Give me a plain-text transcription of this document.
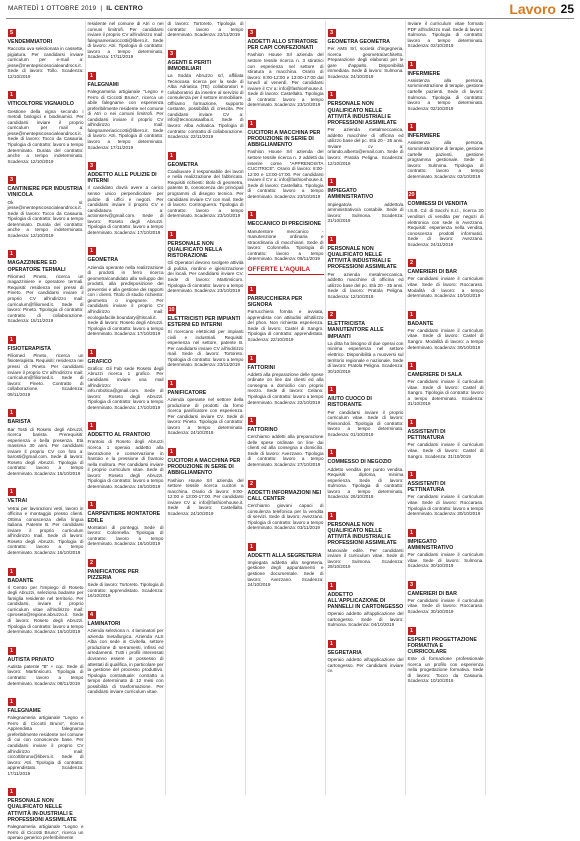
MARTEDÌ 1 OTTOBRE 2019  |  IL CENTRO	Lavoro 25
5
VENDEMMIATORI

Raccolta uva selezionata in cassette, pigiatura. Per candidarsi inviare curriculum per e-mail a: jesse@mentepsicosocialeandrocs.it. Sede di lavoro: Tollo. Scadenza: 12/10/2019

1
VITICOLTORE VIGNAIOLO

Gestione della vigna secondo i metodi biologici e biodinamici. Per candidarsi inviare il proprio curriculum per mail a: jesse@mentepsicosocialeandrocs.it. Sede di lavoro: Tocco da Casauria. Tipologia di contratto: lavoro a tempo determinato. Durata del contratto: anche a tempo indeterminato. Scadenza: 12/10/2019

3
CANTINIERE PER INDUSTRIA VINICOLA

Ok si: jesse@mentepsicosocialeandrocs.it. Sede di lavoro: Tocco da Casauria. Tipologia di contratto: lavoro a tempo determinato. Durata del contratto: anche a tempo indeterminato. Scadenza: 12/10/2019

1
MAGAZZINIERE ED OPERATORE TERMALI

Filiomed Pineto, ricerca un magazziniere e operatore termali. Requisiti: residenza nei pressi di Pineto. Per candidarsi inviare il proprio CV all'indirizzo mail: curriculum@filiomed.it. Sede di lavoro: Pineto. Tipologia di contratto: contratto di collaborazione. Scadenza: 15/11/2019

1
FISIOTERAPISTA

Filiomed Pineto, ricerca un fisioterapista. Requisiti: residenza nei pressi di Pineto. Per candidarsi inviare il proprio CV all'indirizzo mail: curriculum@filiomed.it. Sede di lavoro: Pineto. Contratto di collaborazione. Scadenza: 09/11/2019

1
BARISTA

Bar Tosti di Roseto degli Abruzzi, ricerca barista. Prerequisiti: esperienza e bella presenza. Età massima 30 anni. Per candidarsi inviare il proprio CV con foto a: barosti@gmail.com. Sede di lavoro: Roseto degli Abruzzi. Tipologia di contratto: lavoro a tempo determinato. Scadenza: 15/10/2019

1
VETRAI

Vetrai per lavorazioni vetri, lavoro in officina e montaggio presso clienti. Ottima conoscenza della lingua italiana. Patente B. Per candidarsi inviare il proprio curriculum all'indirizzo mail. Sede di lavoro: Roseto degli Abruzzi. Tipologia di contratto: lavoro a tempo determinato. Scadenza: 16/10/2019

1
BADANTE

Il Centro per l'Impiego di Roseto degli Abruzzi, seleziona badante per famiglia residente nel territorio. Per candidarsi, inviare il proprio curriculum vitae all'indirizzo mail: cpiroseto@regione.abruzzo.it. Sede di lavoro: Roseto degli Abruzzi. Tipologia di contratto: lavoro a tempo determinato. Scadenza: 16/10/2019

1
AUTISTA PRIVATO

Autista patente "B" + cqc. Sede di lavoro: Martinsicuro. Tipologia di contratto: lavoro a tempo determinato. Scadenza: 08/11/2019

1
FALEGNAME

Falegnameria artigianale "Legno e Ferro di Ciccotti Bruno", ricerca Apprendista falegname preferibilmente residente nel comune di cui con conoscenze base. Per candidarsi inviare il proprio CV all'indirizzo mail: ciccottibruno@libero.it. Sede di lavoro: Atri. Tipologia di contratto: apprendistato. Scadenza: 17/11/2019

1
PERSONALE NON QUALIFICATO NELLE ATTIVITÀ IN-DUSTRIALI E PROFESSIONI ASSIMILATE

Falegnameria artigianale "Legno e Ferro di Ciccotti Bruno", ricerca un operaio generico preferibilmente

residente nel comune di Atri o nei comuni limitrofi. Per candidarsi inviare il proprio CV all'indirizzo mail: falegnameriaciccotti@libero.it. Sede di lavoro: Atri. Tipologia di contratto: lavoro a tempo determinato. Scadenza: 17/11/2019

1
FALEGNAMI

Falegnameria artigianale "Legno e Ferro di Ciccotti Bruno", ricerca un abile falegname con esperienza preferibilmente residente nel comune di Atri o nei comuni limitrofi. Per candidarsi inviare il proprio CV all'indirizzo mail: falegnameriaciccotti@libero.it. Sede di lavoro: Atri. Tipologia di contratto: lavoro a tempo determinato. Scadenza: 17/11/2019

3
ADDETTO ALLE PULIZIE DI INTERNI

Il candidato dovrà avere a carico senso unico perpendicolare per pulizie di uffici e negozi. Per candidarsi inviare il proprio CV e candidatura a: actionserv@gmail.com. Sede di lavoro: Roseto degli Abruzzi. Tipologia di contratto: lavoro a tempo determinato. Scadenza: 17/10/2019

1
GEOMETRA

Azienda operante nella realizzazione di prodotti in ferro ricerca geometra/candidato alla sviluppo dei prodotti, alla predisposizione dei preventivi e alla gestione dei rapporti con i clienti. Titolo di studio richiesto: geometra o ingegnere. Per candidarsi inviare il proprio CV all'indirizzo mail: ecologiafacile.boundary@tiscali.it. Sede di lavoro: Roseto degli Abruzzi. Tipologia di contratto: lavoro a tempo determinato. Scadenza: 17/10/2019

1
GRAFICO

Grafico: Gli Fab sede Roseto degli Abruzzi ricerca 1 grafico. Per candidarsi inviare una mail all'indirizzo: info.robotica@gmail.com. Sede di lavoro: Roseto degli Abruzzi. Tipologia di contratto: lavoro a tempo determinato. Scadenza: 17/10/2019

1
ADDETTO AL FRANTOIO

Frantoio di Roseto degli Abruzzi ricerca 1 operaio addetto alla lavorazione e conservazione in frantoio e la pressione di frantoio nella molitura. Per candidarsi inviare il proprio curriculum vitae. Sede di lavoro: Roseto degli Abruzzi. Tipologia di contratto: lavoro a tempo determinato. Scadenza: 16/10/2019

1
CARPENTIERE MONTATORE EDILE

Montatori di ponteggi. Sede di lavoro: Colonnella. Tipologia di contratto: lavoro a tempo determinato. Scadenza: 16/10/2019

2
PANIFICATORE PER PIZZERIA

Sede di lavoro: Tortoreto. Tipologia di contratto: apprendistato. Scadenza: 16/10/2019

4
LAMINATORI

Azienda seleziona n. 4 laminatori per azienda metallurgica. Azienda ALS Alba con sede in Civitella, settore produzione di serramenti, infissi ed arredamenti. Tutti i profili interessati dovranno essere in possesso di attestati di qualifica, in particolare per la gestione del processo produttivo. Tipologia contrattuale: contratto a tempo determinato di 12 mesi con possibilità di trasformazione. Per candidarsi inviare curriculum vitae.

di lavoro: Tortoreto. Tipologia di contratto: lavoro a tempo determinato. Scadenza: 22/11/2019

3
AGENTI E PERITI IMMOBILIARI

La Sodda Abruzzo srl, affiliata Tecnocasa ricerca per la sede di Alba Adriatica (TE) collaboratori e collaboratrici da inserire al servizio di consulenza per il settore immobiliare. Offriamo formazione, supporto costante, possibilità di crescita. Per candidarsi inviare CV a: info@tecnocasaalba.it. Sede di lavoro: Alba Adriatica. Tipologia di contratto: contratto di collaborazione. Scadenza: 22/11/2019

1
GEOMETRA

Coadiuvare il responsabile dei lavori e nella realizzazione del fabbricato. Requisiti richiesti: titolo di geometra, patente B, conoscenza dei principali programmi di disegno tecnico. Per candidarsi inviare CV con mail. Sede di lavoro: Controguerra. Tipologia di contratto: lavoro a tempo determinato. Scadenza: 23/10/2019

1
PERSONALE NON QUALIFICATO NELLA RISTORAZIONE

Gli Operatori devono svolgere attività di pulizia, riordino e igienizzazione dei locali. Per candidarsi inviare CV. Sede di lavoro: Martinsicuro. Tipologia di contratto: lavoro a tempo determinato. Scadenza: 23/10/2019

10
ELETTRICISTI PER IMPIANTI ESTERNI ED INTERNI

Si ricercano elettricisti per impianti civili e industriali. Requisiti: esperienza nel settore, patente B. Per candidarsi inviare CV all'indirizzo mail. Sede di lavoro: Tortoreto. Tipologia di contratto: lavoro a tempo determinato. Scadenza: 23/11/2019

1
PANIFICATORE

Azienda operante nel settore della produzione di prodotti da forno ricerca panificatore con esperienza. Per candidarsi inviare CV. Sede di lavoro: Pineto. Tipologia di contratto: lavoro a tempo determinato. Scadenza: 24/10/2019

1
CUCITORI A MACCHINA PER PRODUZIONE IN SERIE DI ABBIGLIAMENTO

Fashion House Srl azienda del settore tessile ricerca cucitori a macchina. Orario di lavoro: 8:00-12:00 e 13:00-17:00. Per candidarsi inviare CV a: info@fashionhouse.it. Sede di lavoro: Castellalto. Scadenza: 24/10/2019

3
ADDETTI ALLO STIRATORE PER CAPI CONFEZIONATI

Fashion House Srl azienda del settore tessile ricerca n. 3 stiratrici con esperienza nel settore di stiratura a macchina. Orario di lavoro: 8:00-12:00 e 13:00-17:00 dal lunedì al venerdì. Per candidarsi inviare il CV a: info@fashionhouse.it. Sede di lavoro: Castellalto. Tipologia di contratto: lavoro a tempo determinato. Scadenza: 23/10/2019

1
CUCITORI A MACCHINA PER PRODUZIONE IN SERIE DI ABBIGLIAMENTO

Fashion House Srl azienda del settore tessile ricerca n. 2 addetti da inserire come "APPRENDISTA CUCITRICE". Orario di lavoro: 8:00-12:00 e 13:00-17:00. Per candidarsi inviare il CV a: info@fashionhouse.it. Sede di lavoro: Castellalto. Tipologia di contratto: lavoro a tempo determinato. Scadenza: 23/10/2019

1
MECCANICO DI PRECISIONE

Manutentore meccanico - manutenzione ordinaria e straordinaria di macchinari. Sede di lavoro: Colonnella. Tipologia di contratto: lavoro a tempo determinato. Scadenza: 09/11/2019

OFFERTE L'AQUILA
1
PARRUCCHIERA PER SIGNORA

Parrucchiera fornita e avviata, apprendista con attitudini all'utilizzo del phon. Non richiesta esperienza. Sede di lavoro: Castel di Sangro. Tipologia di contratto: apprendistato. Scadenza: 22/10/2019

1
FATTORINI

Addetti alla preparazione delle spese ordinate on line dai clienti ed alla consegna a domicilio con proprio mezzo. Sede di lavoro: Celano. Tipologia di contratto: lavoro a tempo determinato. Scadenza: 22/10/2019

1
FATTORINO

Cerchiamo addetti alla preparazione delle spese ordinate on line dai clienti ed alla consegna a domicilio. Sede di lavoro: Avezzano. Tipologia di contratto: lavoro a tempo determinato. Scadenza: 27/10/2019

2
ADDETTI INFORMAZIONI NEI CALL CENTER

Cerchiamo giovani capaci di consulenza telefonica per la vendita di servizi. Sede di lavoro: Avezzano. Tipologia di contratto: lavoro a tempo determinato. Scadenza: 03/11/2019

1
ADDETTI ALLA SEGRETERIA

Impiegata addetta alla segreteria, gestione degli appuntamenti e gestione documentale. Sede di lavoro: Avezzano. Scadenza: 24/10/2019

3
GEOMETRA GEOMETRA

Per AMS Srl, società d'ingegneria, ricerca geometra/architetto. Preparazione degli elaborati per le gare d'appalto. Disponibilità immediata. Sede di lavoro: Sulmona. Scadenza: 24/10/2019

1
PERSONALE NON QUALIFICATO NELLE ATTIVITÀ INDUSTRIALI E PROFESSIONI ASSIMILATE

Per azienda metalmeccanica, addetto macchine di officina ed utilizzo base del pc. Età 20 - 35 anni. Inviare cv a: orlando.alberto@email.com. Sede di lavoro: Pratola Peligna. Scadenza: 12/10/2019

1
IMPIEGATO AMMINISTRATIVO

Impiegato/a addetto/a amministrativo/a contabile. Sede di lavoro: Sulmona. Scadenza: 31/10/2019

1
PERSONALE NON QUALIFICATO NELLE ATTIVITÀ INDUSTRIALI E PROFESSIONI ASSIMILATE

Per azienda metalmeccanica, addetto macchine di officina ed utilizzo base del pc. Età 20 - 35 anni. Sede di lavoro: Pratola Peligna. Scadenza: 12/10/2019

2
ELETTRICISTA MANUTENTORE ALLE IMPIANTI

La ditta ha bisogno di due operai con minima esperienza nel settore elettrico. Disponibilità a muoversi sul territorio regionale e nazionale. Sede di lavoro: Pratola Peligna. Scadenza: 30/10/2019

1
AIUTO CUOCO DI RISTORANTE

Per candidarsi inviare il proprio curriculum vitae. Sede di lavoro: Rivisondoli. Tipologia di contratto: lavoro a tempo determinato. Scadenza: 01/10/2019

1
COMMESSO DI NEGOZIO

Addetto vendita per punto vendita. Requisiti: diploma, minima esperienza. Sede di lavoro: Sulmona. Tipologia di contratto: lavoro a tempo determinato. Scadenza: 26/10/2019

1
PERSONALE NON QUALIFICATO NELLE ATTIVITÀ INDUSTRIALI E PROFESSIONI ASSIMILATE

Manovale edile. Per candidarsi inviare il curriculum vitae. Sede di lavoro: Sulmona. Scadenza: 29/10/2019

1
ADDETTO ALL'APPLICAZIONE DI PANNELLI IN CARTONGESSO

Operaio addetto all'applicazione del cartongesso. Sede di lavoro: Sulmona. Scadenza: 04/10/2019

1
SEGRETARIA

Operaio addetto all'applicazione del cartongesso. Per candidarsi inviare cv.

Inviare il curriculum vitae formato PDF all'indirizzo mail. Sede di lavoro: Sulmona. Tipologia di contratto: lavoro a tempo determinato. Scadenza: 02/10/2019

1
INFERMIERE

Assistenza alla persona, somministrazione di terapie, gestione cartelle pazienti. Sede di lavoro: Sulmona. Tipologia di contratto: lavoro a tempo determinato. Scadenza: 02/10/2019

1
INFERMIERE

Assistenza alla persona, somministrazione di terapie, gestione cartelle pazienti, gestione programma gestionale. Sede di lavoro: Sulmona. Tipologia di contratto: lavoro a tempo determinato. Scadenza: 02/10/2019

20
COMMESSI DI VENDITA

I.S.B. Cd. di Sacchi S.r.l., ricerca 20 venditori di vendita per negozi di elettronica con sede in Avezzano. Requisiti: esperienza nella vendita, conoscenza prodotti informatici. Sede di lavoro: Avezzano. Scadenza: 24/11/2019

2
CAMERIERI DI BAR

Per candidarsi inviare il curriculum vitae. Sede di lavoro: Roccaraso. Modalità di lavoro: a tempo determinato. Scadenza: 10/10/2019

1
BADANTE

Per candidarsi inviare il curriculum vitae. Sede di lavoro: Castel di Sangro. Modalità di lavoro: a tempo determinato. Scadenza: 30/10/2019

1
CAMERIERE DI SALA

Per candidarsi inviare il curriculum vitae. Sede di lavoro: Castel di Sangro. Tipologia di contratto: lavoro a tempo determinato. Scadenza: 31/10/2019

1
ASSISTENTI DI PETTINATURA

Per candidarsi inviare il curriculum vitae. Sede di lavoro: Castel di Sangro. Scadenza: 31/10/2019

1
ASSISTENTI DI PETTINATURA

Per candidarsi inviare il curriculum vitae. Sede di lavoro: Roccaraso. Tipologia di contratto: lavoro a tempo determinato. Scadenza: 30/10/2019

1
IMPIEGATO AMMINISTRATIVO

Per candidarsi inviare il curriculum vitae. Sede di lavoro: Sulmona. Scadenza: 30/10/2019

3
CAMERIERI DI BAR

Per candidarsi inviare il curriculum vitae. Sede di lavoro: Roccaraso. Scadenza: 30/10/2019

1
ESPERTI PROGETTAZIONE FORMATIVA E CURRICOLARE

Ente di formazione professionale ricerca un profilo con esperienza nella progettazione formativa. Sede di lavoro: Tocco da Casauria. Scadenza: 10/10/2019
